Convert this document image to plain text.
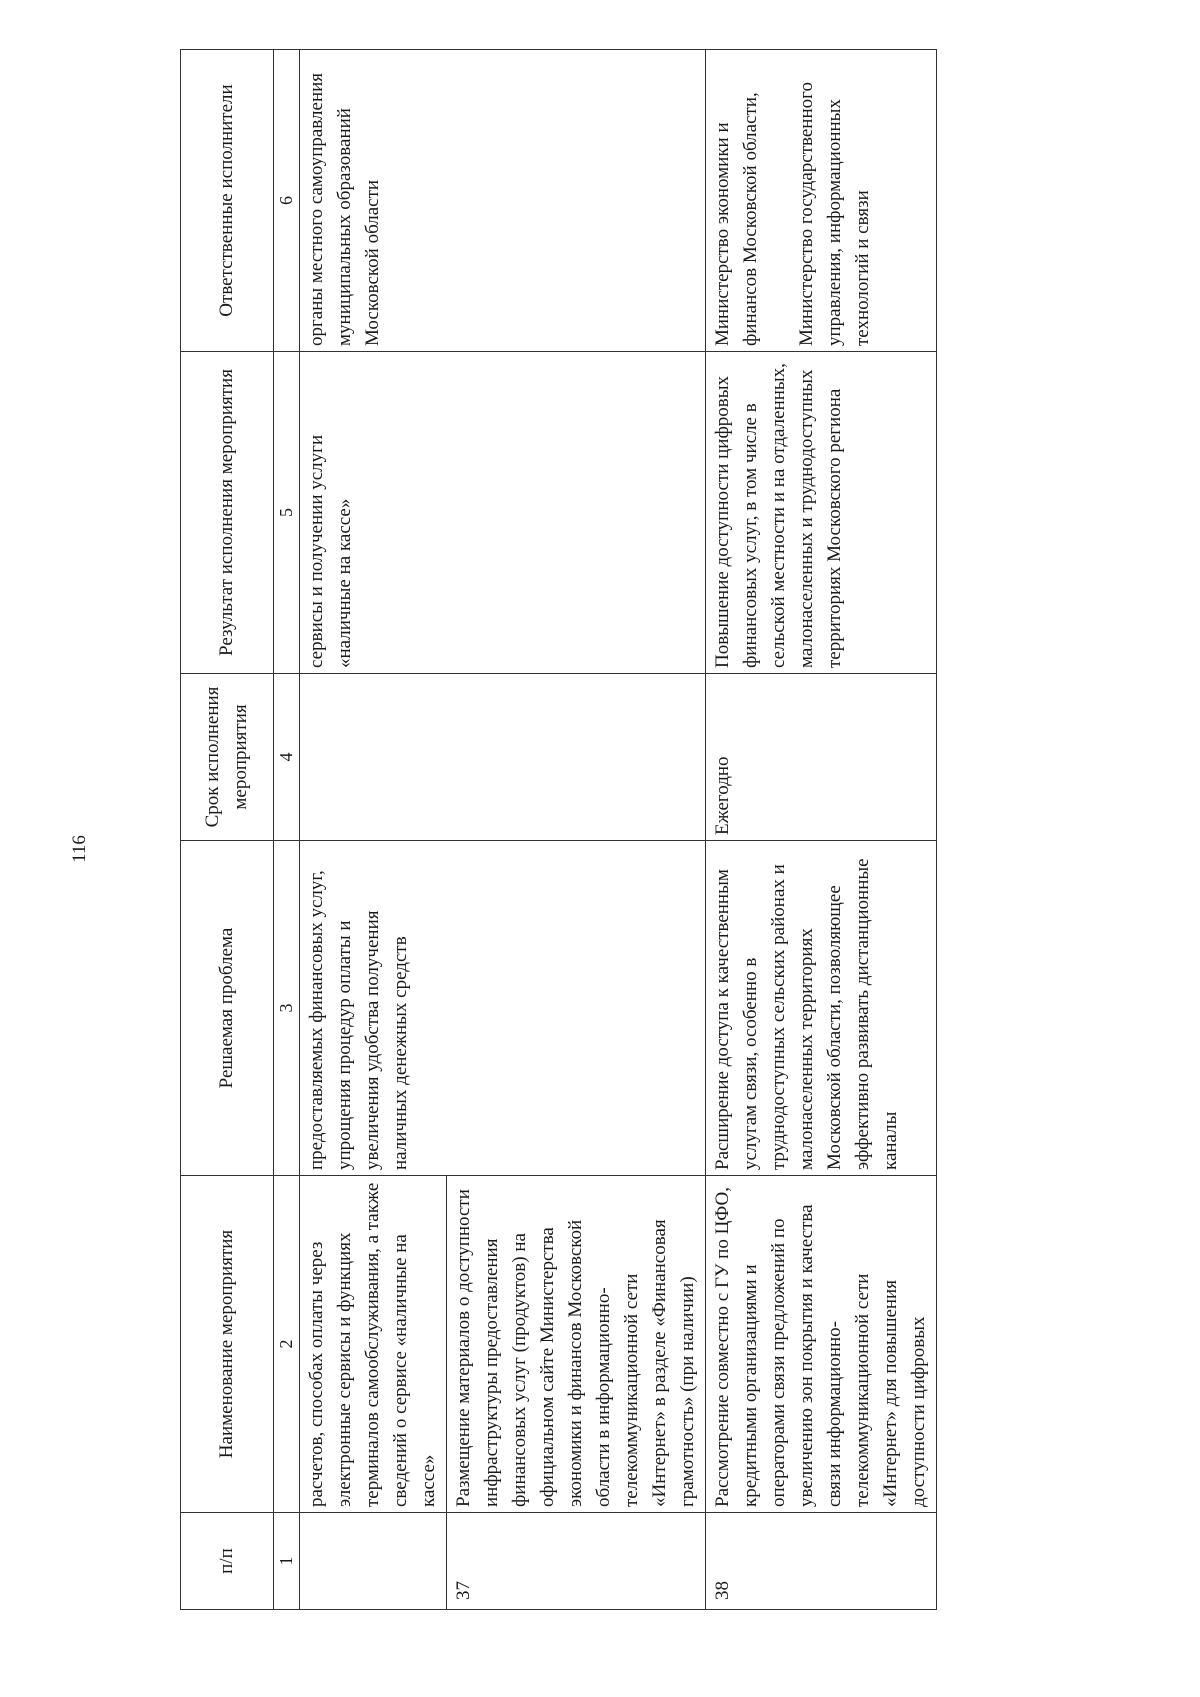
116
п/п	Наименование мероприятия	Решаемая проблема	Срок исполнения мероприятия	Результат исполнения мероприятия	Ответственные исполнители
1	2	3	4	5	6
	расчетов, способах оплаты через электронные сервисы и функциях терминалов самообслуживания, а также сведений о сервисе «наличные на кассе»	предоставляемых финансовых услуг, упрощения процедур оплаты и увеличения удобства получения наличных денежных средств		сервисы и получении услуги «наличные на кассе»	органы местного самоуправления муниципальных образований Московской области
37	Размещение материалов о доступности инфраструктуры предоставления финансовых услуг (продуктов) на официальном сайте Министерства экономики и финансов Московской области в информационно-телекоммуникационной сети «Интернет» в разделе «Финансовая грамотность» (при наличии)				
38	Рассмотрение совместно с ГУ по ЦФО, кредитными организациями и операторами связи предложений по увеличению зон покрытия и качества связи информационно-телекоммуникационной сети «Интернет» для повышения доступности цифровых	Расширение доступа к качественным услугам связи, особенно в труднодоступных сельских районах и малонаселенных территориях Московской области, позволяющее эффективно развивать дистанционные каналы	Ежегодно	Повышение доступности цифровых финансовых услуг, в том числе в сельской местности и на отдаленных, малонаселенных и труднодоступных территориях Московского региона	Министерство экономики и финансов Московской области, Министерство государственного управления, информационных технологий и связи
